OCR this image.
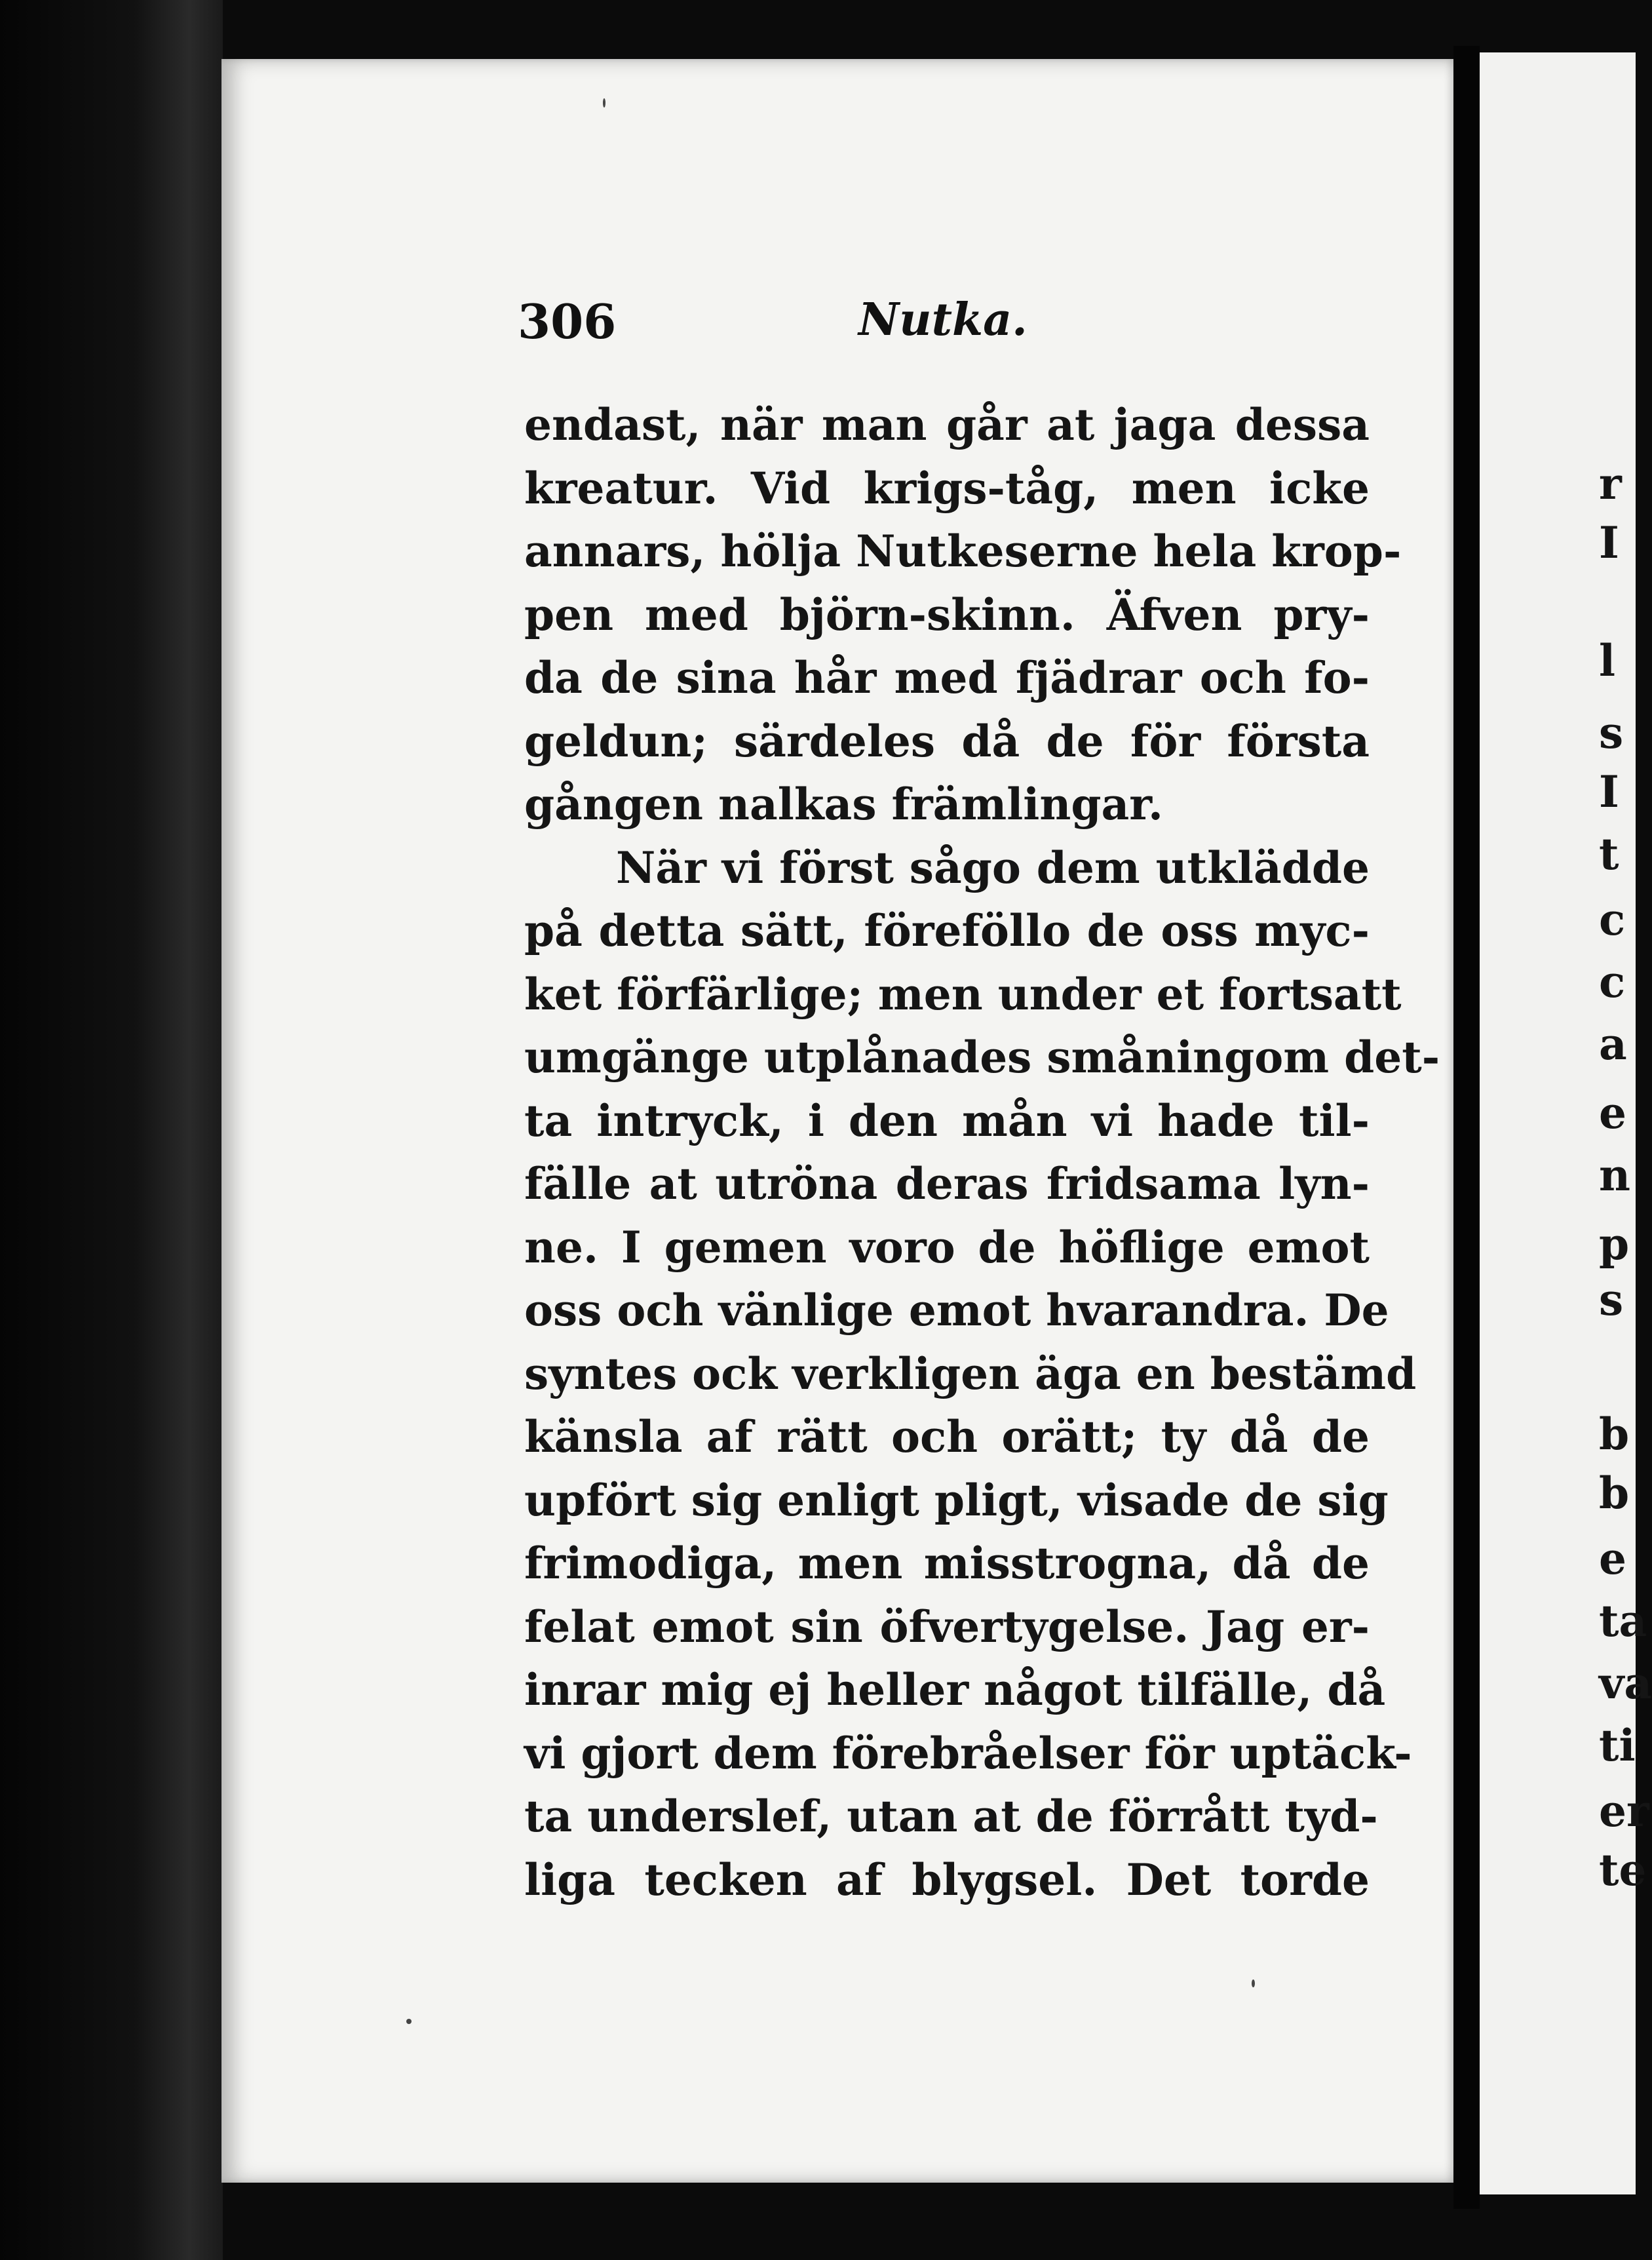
306	Nutka.
endast, när man går at jaga dessa
kreatur. Vid krigs-tåg, men icke
annars, hölja Nutkeserne hela krop-
pen med björn-skinn. Äfven pry-
da de sina hår med fjädrar och fo-
geldun; särdeles då de för första
gången nalkas främlingar.
När vi först sågo dem utklädde
på detta sätt, föreföllo de oss myc-
ket förfärlige; men under et fortsatt
umgänge utplånades småningom det-
ta intryck, i den mån vi hade til-
fälle at utröna deras fridsama lyn-
ne. I gemen voro de höflige emot
oss och vänlige emot hvarandra. De
syntes ock verkligen äga en bestämd
känsla af rätt och orätt; ty då de
upfört sig enligt pligt, visade de sig
frimodiga, men misstrogna, då de
felat emot sin öfvertygelse. Jag er-
inrar mig ej heller något tilfälle, då
vi gjort dem förebråelser för uptäck-
ta underslef, utan at de förrått tyd-
liga tecken af blygsel. Det torde
r
I
l
s
I
t
c
c
a
e
n
p
s
b
b
e
ta
va
ti
er
te
